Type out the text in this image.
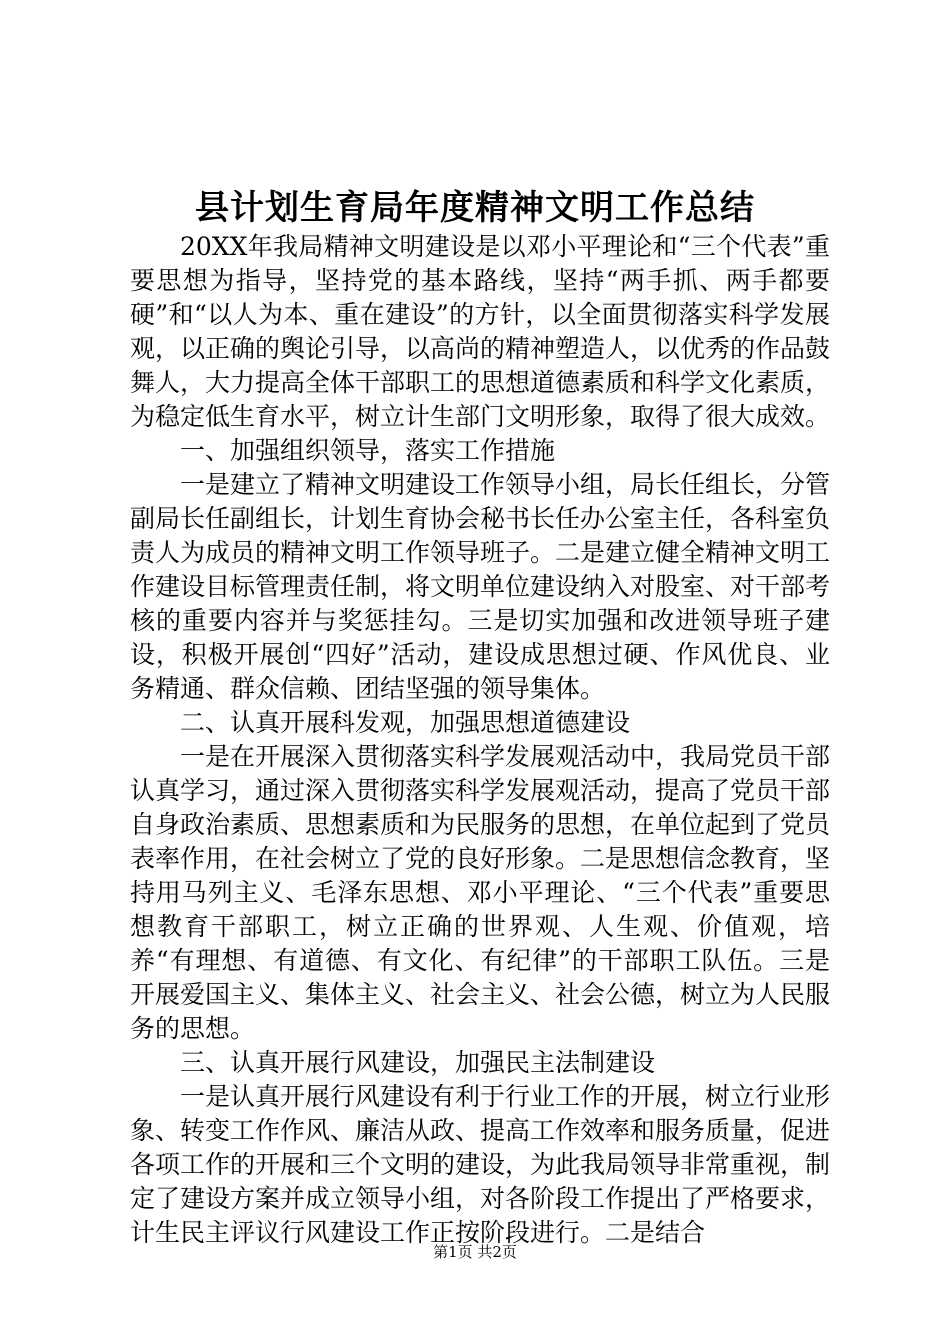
县计划生育局年度精神文明工作总结

20XX年我局精神文明建设是以邓小平理论和“三个代表”重要思想为指导，坚持党的基本路线，坚持“两手抓、两手都要硬”和“以人为本、重在建设”的方针，以全面贯彻落实科学发展观，以正确的舆论引导，以高尚的精神塑造人，以优秀的作品鼓舞人，大力提高全体干部职工的思想道德素质和科学文化素质，为稳定低生育水平，树立计生部门文明形象，取得了很大成效。

一、加强组织领导，落实工作措施

一是建立了精神文明建设工作领导小组，局长任组长，分管副局长任副组长，计划生育协会秘书长任办公室主任，各科室负责人为成员的精神文明工作领导班子。二是建立健全精神文明工作建设目标管理责任制，将文明单位建设纳入对股室、对干部考核的重要内容并与奖惩挂勾。三是切实加强和改进领导班子建设，积极开展创“四好”活动，建设成思想过硬、作风优良、业务精通、群众信赖、团结坚强的领导集体。

二、认真开展科发观，加强思想道德建设

一是在开展深入贯彻落实科学发展观活动中，我局党员干部认真学习，通过深入贯彻落实科学发展观活动，提高了党员干部自身政治素质、思想素质和为民服务的思想，在单位起到了党员表率作用，在社会树立了党的良好形象。二是思想信念教育，坚持用马列主义、毛泽东思想、邓小平理论、“三个代表”重要思想教育干部职工，树立正确的世界观、人生观、价值观，培养“有理想、有道德、有文化、有纪律”的干部职工队伍。三是开展爱国主义、集体主义、社会主义、社会公德，树立为人民服务的思想。

三、认真开展行风建设，加强民主法制建设

一是认真开展行风建设有利于行业工作的开展，树立行业形象、转变工作作风、廉洁从政、提高工作效率和服务质量，促进各项工作的开展和三个文明的建设，为此我局领导非常重视，制定了建设方案并成立领导小组，对各阶段工作提出了严格要求，计生民主评议行风建设工作正按阶段进行。二是结合

第1页 共2页
